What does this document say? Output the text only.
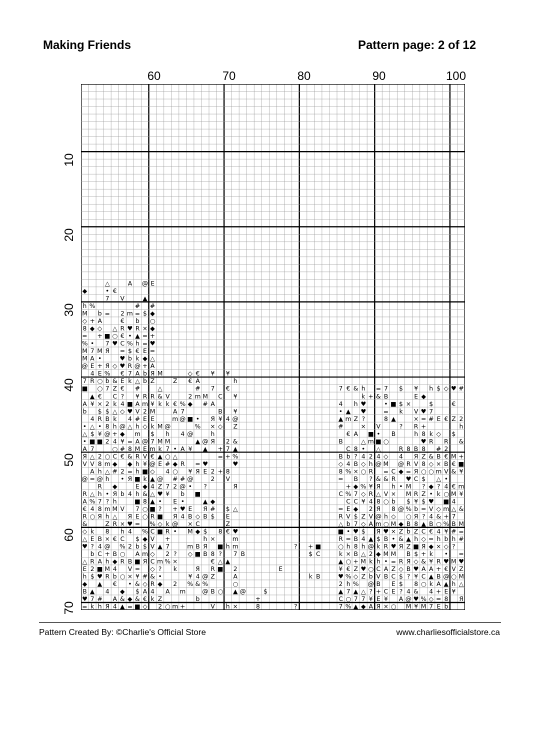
Making Friends	Pattern page: 2 of 12
60	70	80	90	100
10
20
30
40
50
60
70
△	A @ E
◆	• €
7 V	▲
h %	# #
M b = 2 m = $ ◆
◇ + A	€ b ○
8 ◆ ◇ △ R ♥ R × ◆
= + ■ ○ € • ▲ = +
% • 7 ♥ C % h = ♥
M 7 M Я = $ € E =
M A •	♥ b k ◆ △
@ E + Я ◇ ♥ R @ + A
4 E % € 7 A b Я M	◇ € ¥ ¥
7 R ○ b & E k △ b Z	Z € A	h
■ ○ 7 Z € #	△	# 7 €	7 € & h = 7 $ ¥ h $ ◇ ♥ #
▲ € C ? ¥ R R & V	2 m M C ¥	k + & B	E ◆
A ¥ × 2 k 4 ■ A m ¥ k k € % ◆ # A	4 h ♥	• ■ $ ×	$	€
b $ $ △ ◇ ♥ V 2 M	A 7	B ¥	• ▲ ♥	= k V ♥ 7
4 R B k 4 # E E	m @ ■ • Я ¥ 4 @	▲ m Z ?	8 ▲	× = # E € Z 2
• △ • 8 h @ △ h ◇ k M @	% × ◇ Z	#	× V	? R +	h
△ $ ¥ @ + ◆ m $ h 4 @	h	€ A ■ • B	h 8 k ◇ $
• ■ ■ 2 4 ¥ = A @ 7 M M	▲ @ Я 2 &	B	△ m ■ ○	♥ R R &
A 7	○ # 8 M E m k 7 • A ¥ ▲ + 7 ▲	C 8 • △	R 8 B 8 # 2
Я △ 2 ○ C € & R V € ▲ ○ △	= + %	B b ? 4 2 4 ◇ 4 Я Z & B € M +
V V 8 m ◆ ◆ h ¥ @ E # ◆ R = ♥	♥	◇ 4 B ◇ h @ M @ R V 8 ◇ × B € ■
A h △ # 2 = h ■ ◇ 4 ○ ¥ Я E 2 + 8	8 % × ○ R = C ◆ = Я ○ ○ m V & ¥
@ = @ h • Я ■ k ▲ @ # # @	2 V	= B ? & & R ♥ C $ △ •
R ◆	E ◆ 4 Z 7 2 @ • ?	Я	+ ◆ % ¥ Я h • M ? ◆ ? 4 € m
R △ h • Я b 4 h & △ ♥ ¥ b ■	C % 7 ◇ R △ V × M R Z • k ○ M ¥
A % 7 ? h	■ 8 ▲ • E •	▲ ◆	C C ¥ 4 8 ○ b $ ¥ $ ♥ ■ 4
€ 4 8 m M V 7 ○ ■ ? + ♥ E Я # $ △	= E ◆ 2 Я 8 @ % b = V ◇ m △ &
R ○ Я h △ Я E ○ R ■ Я 4 B ◇ B $ E	R V $ Z V @ h ◇ ○ Я ? 4 & + 7
&	Z R × ♥ = % ◇ k @ × C	Z	△ b 7 ◇ A m ○ M ◆ B 8 ▲ B ○ % B M
◇ k 8 h 4 % C ■ R • M ◆ $ 8 € ♥	■ • ♥ $ Я ♥ × Z b Z C € 4 ¥ # =
△ E B × € C $ ◆ V +	h ×	m	R = B 4 ▲ $ B • & ▲ h ◇ = h b h #
♥ ? 4 @ % 2 b $ V ▲ 7	m B Я ■ h m	? + ■	○ h 8 h @ k R ♥ Я Z ■ Я ◆ × ◇ ?
b C + B ○ A m ◇ 2 ? ◇ ■ B 8 ? 7 B	$ C	k × B △ 2 ◆ M M B $ + k • =
△ R A h ◆ R B ■ Я C m % ×	€ △ ▲	▲ ○ + M k h • = R Я ◇ & ¥ R ♥ M ♥
E 2 ■ M 4 V = ◇ ? k	Я R ■ 2	E	¥ € Z ♥ ○ C A Z ◇ B ♥ A A + € V Z
h $ ♥ R b ○ × ¥ # & •	¥ 4 @ Z	A	k B	♥ % ◇ Z b V B C $ ? ¥ C ▲ B @ ○ M
◆ ▲ € • & ◇ R ◆ 2 % & %	○	2 h % @ B E $ 8 ○ k A ▲ h △
B ▲ 4 ◆ $ A 4 A m	@ B ○ ▲ @	$	▲ 7 ▲ △ ? + C E ? 4 & 4 + E ¥
♥ 7 # A & ◆ & € k Z	b	+	C ○ 7 7 ¥ E ¥ A @ ♥ % ◇ = 8 Я
= k h Я 4 ▲ = ■ ◇ 2 ○ m +	V h ×	8	?	7 % ▲ ◆ A Я × ○ M ¥ M 7 E b
Pattern Created By: ©Charlie's Official Store	www.charliesofficialstore.ca
